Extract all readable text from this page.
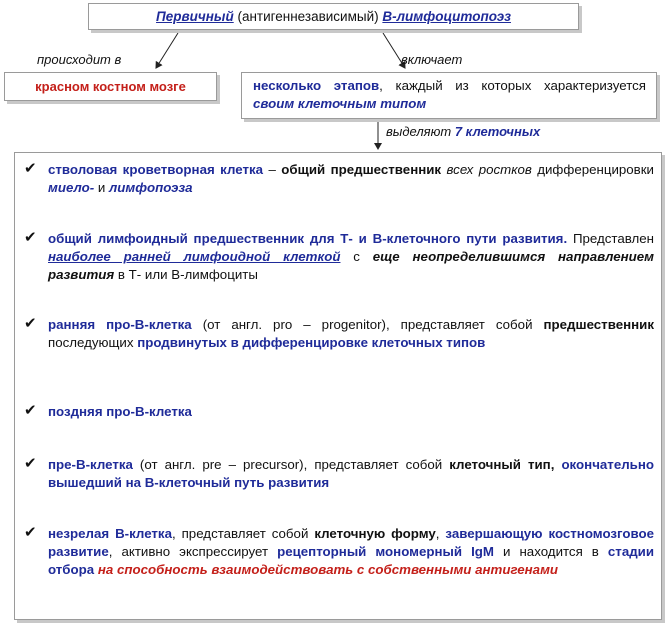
Первичный (антигеннезависимый) В-лимфоцитопоэз
происходит в	включает
красном костном мозге	несколько этапов, каждый из которых характеризуется своим клеточным типом
выделяют 7 клеточных
✔ стволовая кроветворная клетка – общий предшественник всех ростков дифференцировки миело- и лимфопоэза
✔ общий лимфоидный предшественник для Т- и В-клеточного пути развития. Представлен наиболее ранней лимфоидной клеткой с еще неопределившимся направлением развития в Т- или В-лимфоциты
✔ ранняя про-В-клетка (от англ. pro – progenitor), представляет собой предшественник последующих продвинутых в дифференцировке клеточных типов
✔ поздняя про-В-клетка
✔ пре-В-клетка (от англ. pre – precursor), представляет собой клеточный тип, окончательно вышедший на В-клеточный путь развития
✔ незрелая В-клетка, представляет собой клеточную форму, завершающую костномозговое развитие, активно экспрессирует рецепторный мономерный IgM и находится в стадии отбора на способность взаимодействовать с собственными антигенами
